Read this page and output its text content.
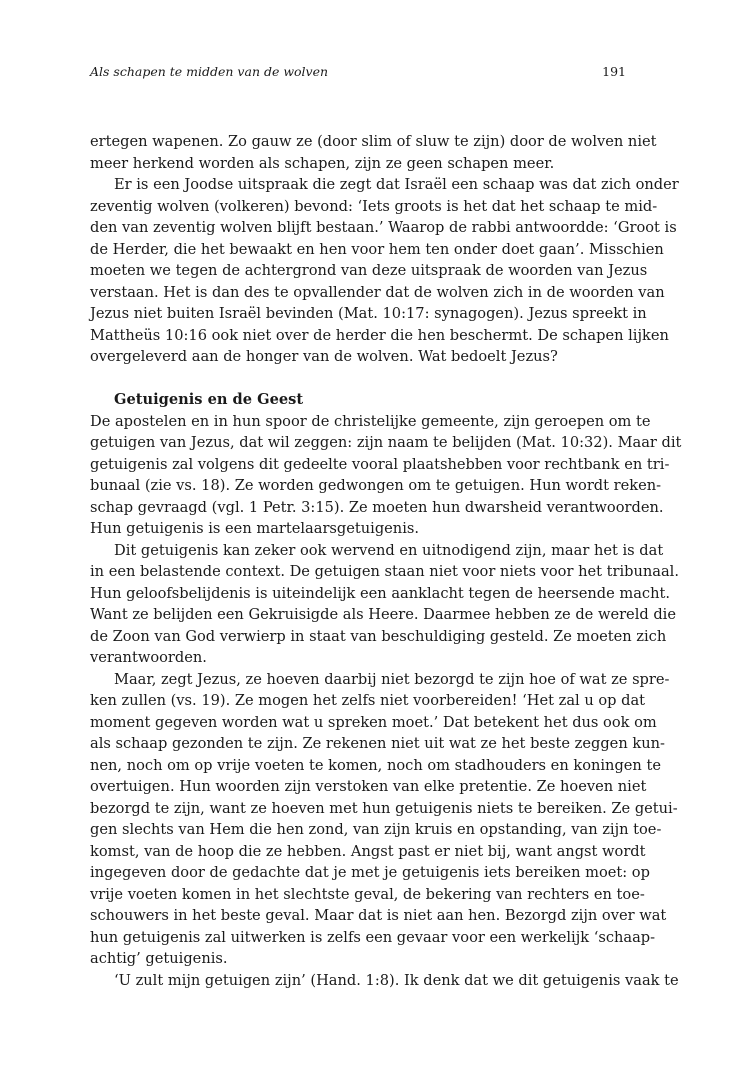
Als schapen te midden van de wolven	191
ertegen wapenen. Zo gauw ze (door slim of sluw te zijn) door de wolven niet
meer herkend worden als schapen, zijn ze geen schapen meer.
Er is een Joodse uitspraak die zegt dat Israël een schaap was dat zich onder
zeventig wolven (volkeren) bevond: ‘Iets groots is het dat het schaap te mid-
den van zeventig wolven blijft bestaan.’ Waarop de rabbi antwoordde: ‘Groot is
de Herder, die het bewaakt en hen voor hem ten onder doet gaan’. Misschien
moeten we tegen de achtergrond van deze uitspraak de woorden van Jezus
verstaan. Het is dan des te opvallender dat de wolven zich in de woorden van
Jezus niet buiten Israël bevinden (Mat. 10:17: synagogen). Jezus spreekt in
Mattheüs 10:16 ook niet over de herder die hen beschermt. De schapen lijken
overgeleverd aan de honger van de wolven. Wat bedoelt Jezus?
Getuigenis en de Geest
De apostelen en in hun spoor de christelijke gemeente, zijn geroepen om te
getuigen van Jezus, dat wil zeggen: zijn naam te belijden (Mat. 10:32). Maar dit
getuigenis zal volgens dit gedeelte vooral plaatshebben voor rechtbank en tri-
bunaal (zie vs. 18). Ze worden gedwongen om te getuigen. Hun wordt reken-
schap gevraagd (vgl. 1 Petr. 3:15). Ze moeten hun dwarsheid verantwoorden.
Hun getuigenis is een martelaarsgetuigenis.
Dit getuigenis kan zeker ook wervend en uitnodigend zijn, maar het is dat
in een belastende context. De getuigen staan niet voor niets voor het tribunaal.
Hun geloofsbelijdenis is uiteindelijk een aanklacht tegen de heersende macht.
Want ze belijden een Gekruisigde als Heere. Daarmee hebben ze de wereld die
de Zoon van God verwierp in staat van beschuldiging gesteld. Ze moeten zich
verantwoorden.
Maar, zegt Jezus, ze hoeven daarbij niet bezorgd te zijn hoe of wat ze spre-
ken zullen (vs. 19). Ze mogen het zelfs niet voorbereiden! ‘Het zal u op dat
moment gegeven worden wat u spreken moet.’ Dat betekent het dus ook om
als schaap gezonden te zijn. Ze rekenen niet uit wat ze het beste zeggen kun-
nen, noch om op vrije voeten te komen, noch om stadhouders en koningen te
overtuigen. Hun woorden zijn verstoken van elke pretentie. Ze hoeven niet
bezorgd te zijn, want ze hoeven met hun getuigenis niets te bereiken. Ze getui-
gen slechts van Hem die hen zond, van zijn kruis en opstanding, van zijn toe-
komst, van de hoop die ze hebben. Angst past er niet bij, want angst wordt
ingegeven door de gedachte dat je met je getuigenis iets bereiken moet: op
vrije voeten komen in het slechtste geval, de bekering van rechters en toe-
schouwers in het beste geval. Maar dat is niet aan hen. Bezorgd zijn over wat
hun getuigenis zal uitwerken is zelfs een gevaar voor een werkelijk ‘schaap-
achtig’ getuigenis.
‘U zult mijn getuigen zijn’ (Hand. 1:8). Ik denk dat we dit getuigenis vaak te
